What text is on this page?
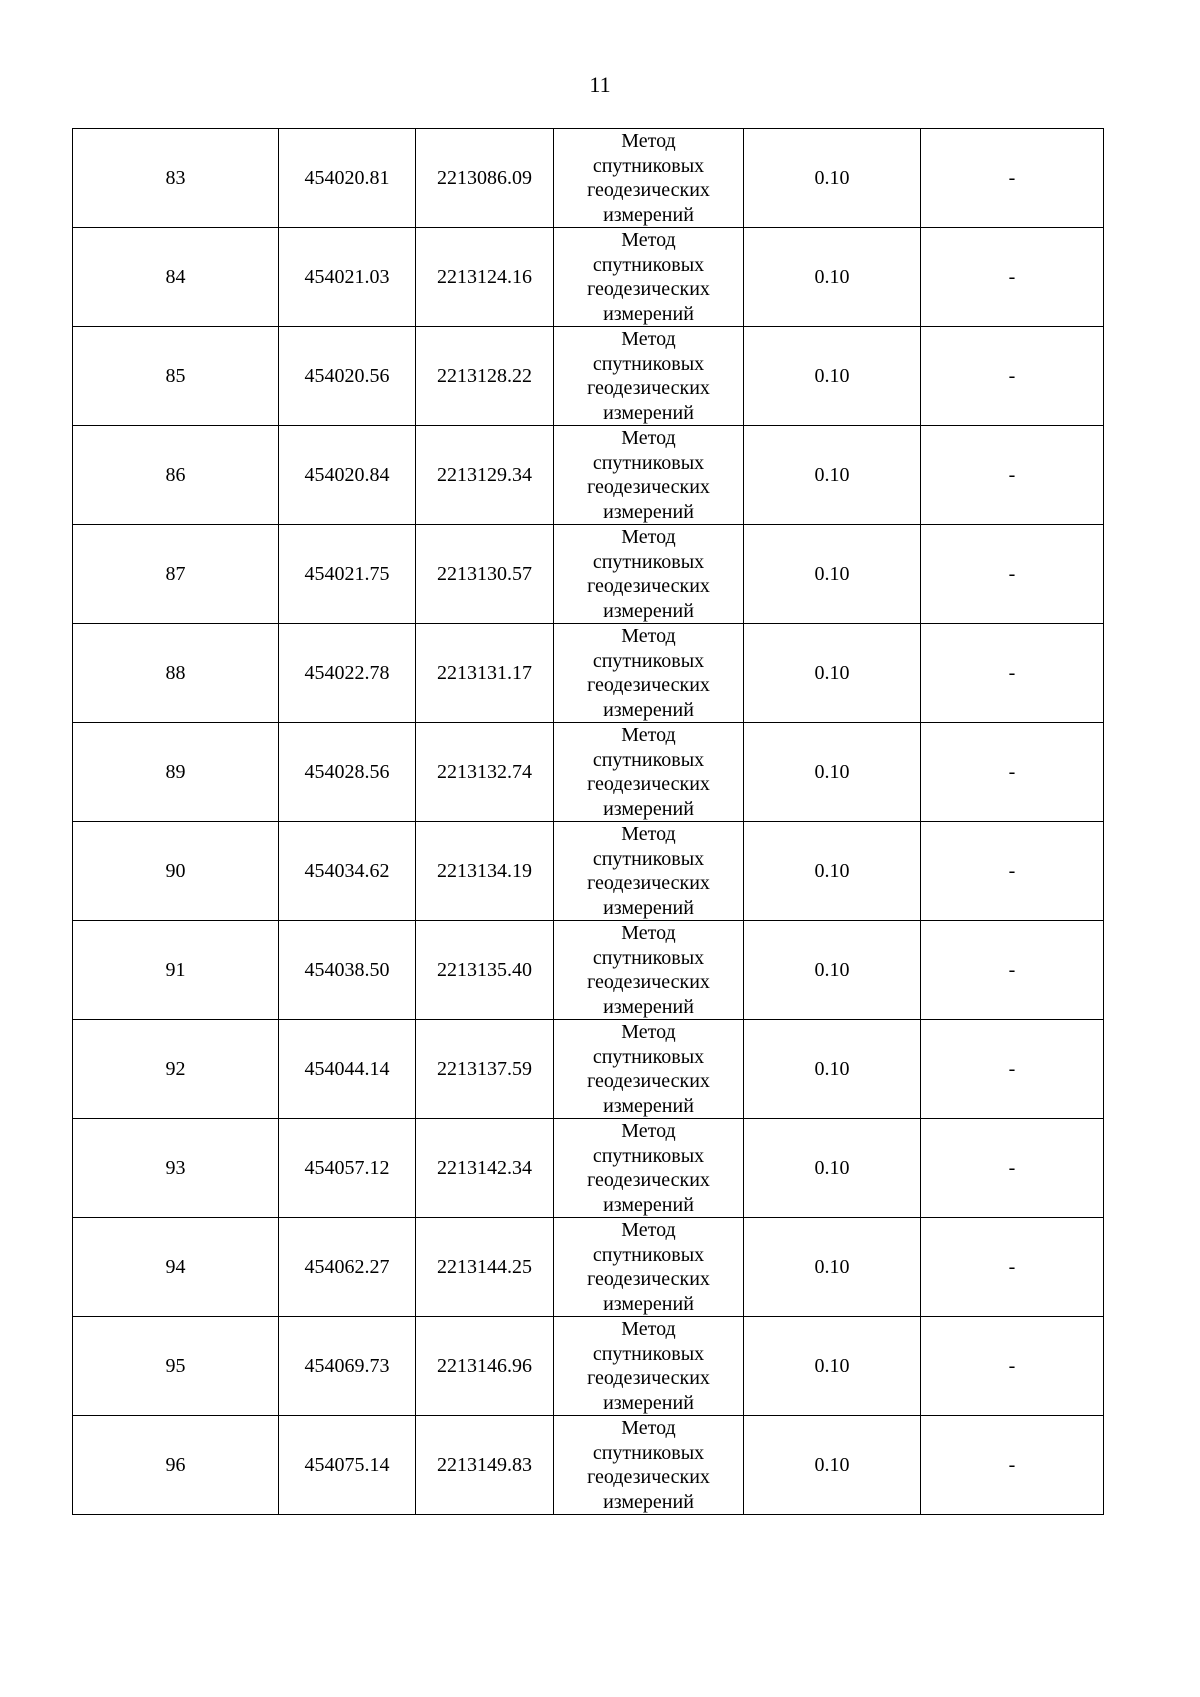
11
83	454020.81	2213086.09	Метод
спутниковых
геодезических
измерений	0.10	-
84	454021.03	2213124.16	Метод
спутниковых
геодезических
измерений	0.10	-
85	454020.56	2213128.22	Метод
спутниковых
геодезических
измерений	0.10	-
86	454020.84	2213129.34	Метод
спутниковых
геодезических
измерений	0.10	-
87	454021.75	2213130.57	Метод
спутниковых
геодезических
измерений	0.10	-
88	454022.78	2213131.17	Метод
спутниковых
геодезических
измерений	0.10	-
89	454028.56	2213132.74	Метод
спутниковых
геодезических
измерений	0.10	-
90	454034.62	2213134.19	Метод
спутниковых
геодезических
измерений	0.10	-
91	454038.50	2213135.40	Метод
спутниковых
геодезических
измерений	0.10	-
92	454044.14	2213137.59	Метод
спутниковых
геодезических
измерений	0.10	-
93	454057.12	2213142.34	Метод
спутниковых
геодезических
измерений	0.10	-
94	454062.27	2213144.25	Метод
спутниковых
геодезических
измерений	0.10	-
95	454069.73	2213146.96	Метод
спутниковых
геодезических
измерений	0.10	-
96	454075.14	2213149.83	Метод
спутниковых
геодезических
измерений	0.10	-
